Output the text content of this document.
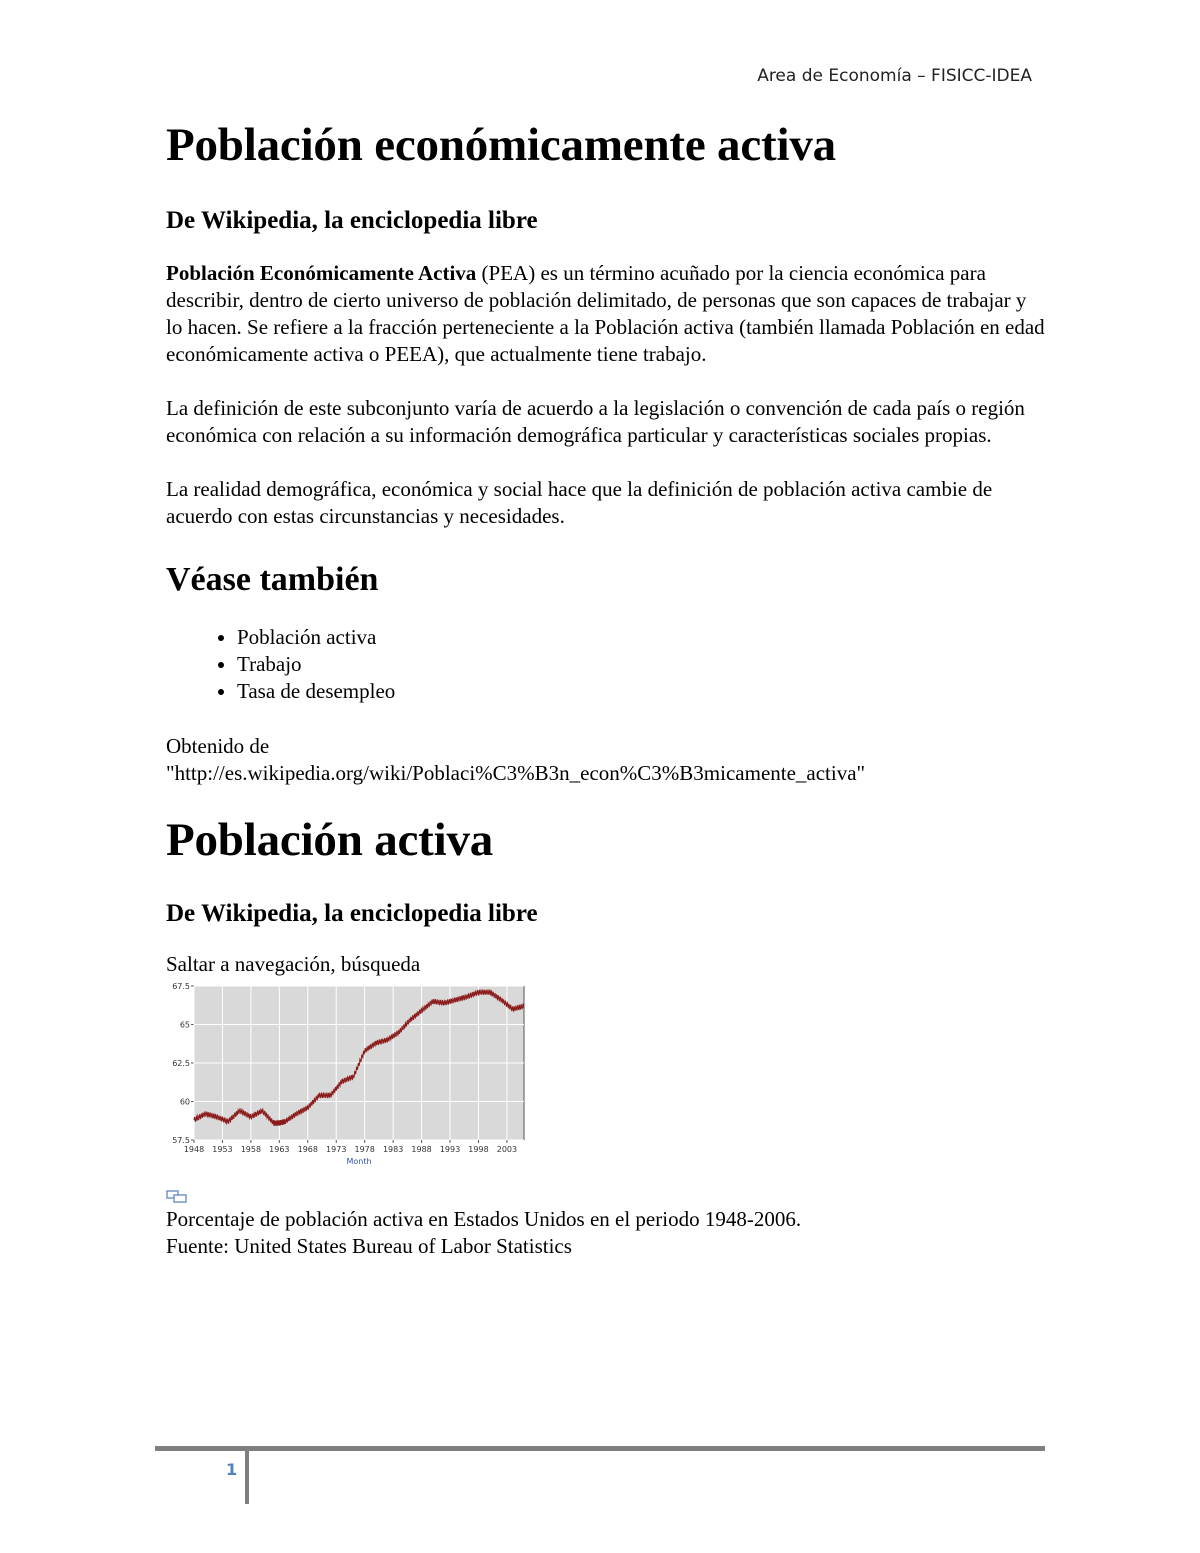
Area de Economía – FISICC-IDEA
Población económicamente activa
De Wikipedia, la enciclopedia libre

Población Económicamente Activa (PEA) es un término acuñado por la ciencia económica para describir, dentro de cierto universo de población delimitado, de personas que son capaces de trabajar y lo hacen. Se refiere a la fracción perteneciente a la Población activa (también llamada Población en edad económicamente activa o PEEA), que actualmente tiene trabajo.

La definición de este subconjunto varía de acuerdo a la legislación o convención de cada país o región económica con relación a su información demográfica particular y características sociales propias.

La realidad demográfica, económica y social hace que la definición de población activa cambie de acuerdo con estas circunstancias y necesidades.

Véase también
• Población activa
• Trabajo
• Tasa de desempleo

Obtenido de

"http://es.wikipedia.org/wiki/Poblaci%C3%B3n_econ%C3%B3micamente_activa"

Población activa
De Wikipedia, la enciclopedia libre

Saltar a navegación, búsqueda

57.5
60
62.5
65
67.5
1948 1953 1958 1963 1968 1973 1978 1983 1988 1993 1998 2003
Month

Porcentaje de población activa en Estados Unidos en el periodo 1948-2006.

Fuente: United States Bureau of Labor Statistics

1
